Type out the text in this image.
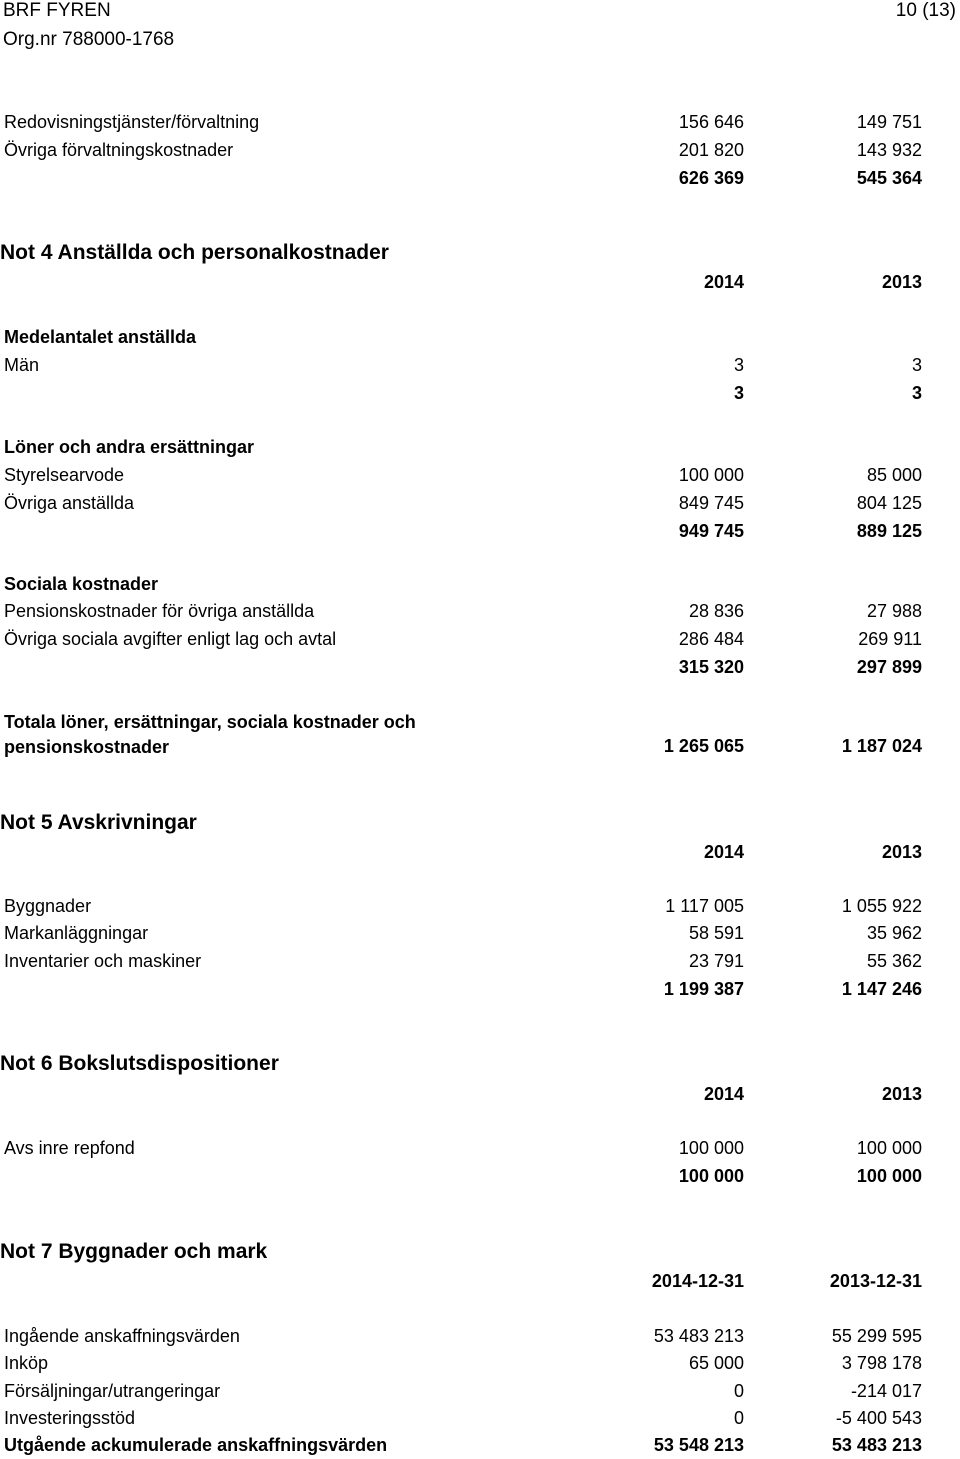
BRF FYREN
Org.nr 788000-1768
10 (13)
Redovisningstjänster/förvaltning	156 646	149 751
Övriga förvaltningskostnader	201 820	143 932
626 369	545 364
Not 4 Anställda och personalkostnader
2014	2013
Medelantalet anställda
Män	3	3
3	3
Löner och andra ersättningar
Styrelsearvode	100 000	85 000
Övriga anställda	849 745	804 125
949 745	889 125
Sociala kostnader
Pensionskostnader för övriga anställda	28 836	27 988
Övriga sociala avgifter enligt lag och avtal	286 484	269 911
315 320	297 899
Totala löner, ersättningar, sociala kostnader och
pensionskostnader	1 265 065	1 187 024
Not 5 Avskrivningar
2014	2013
Byggnader	1 117 005	1 055 922
Markanläggningar	58 591	35 962
Inventarier och maskiner	23 791	55 362
1 199 387	1 147 246
Not 6 Bokslutsdispositioner
2014	2013
Avs inre repfond	100 000	100 000
100 000	100 000
Not 7 Byggnader och mark
2014-12-31	2013-12-31
Ingående anskaffningsvärden	53 483 213	55 299 595
Inköp	65 000	3 798 178
Försäljningar/utrangeringar	0	-214 017
Investeringsstöd	0	-5 400 543
Utgående ackumulerade anskaffningsvärden	53 548 213	53 483 213
